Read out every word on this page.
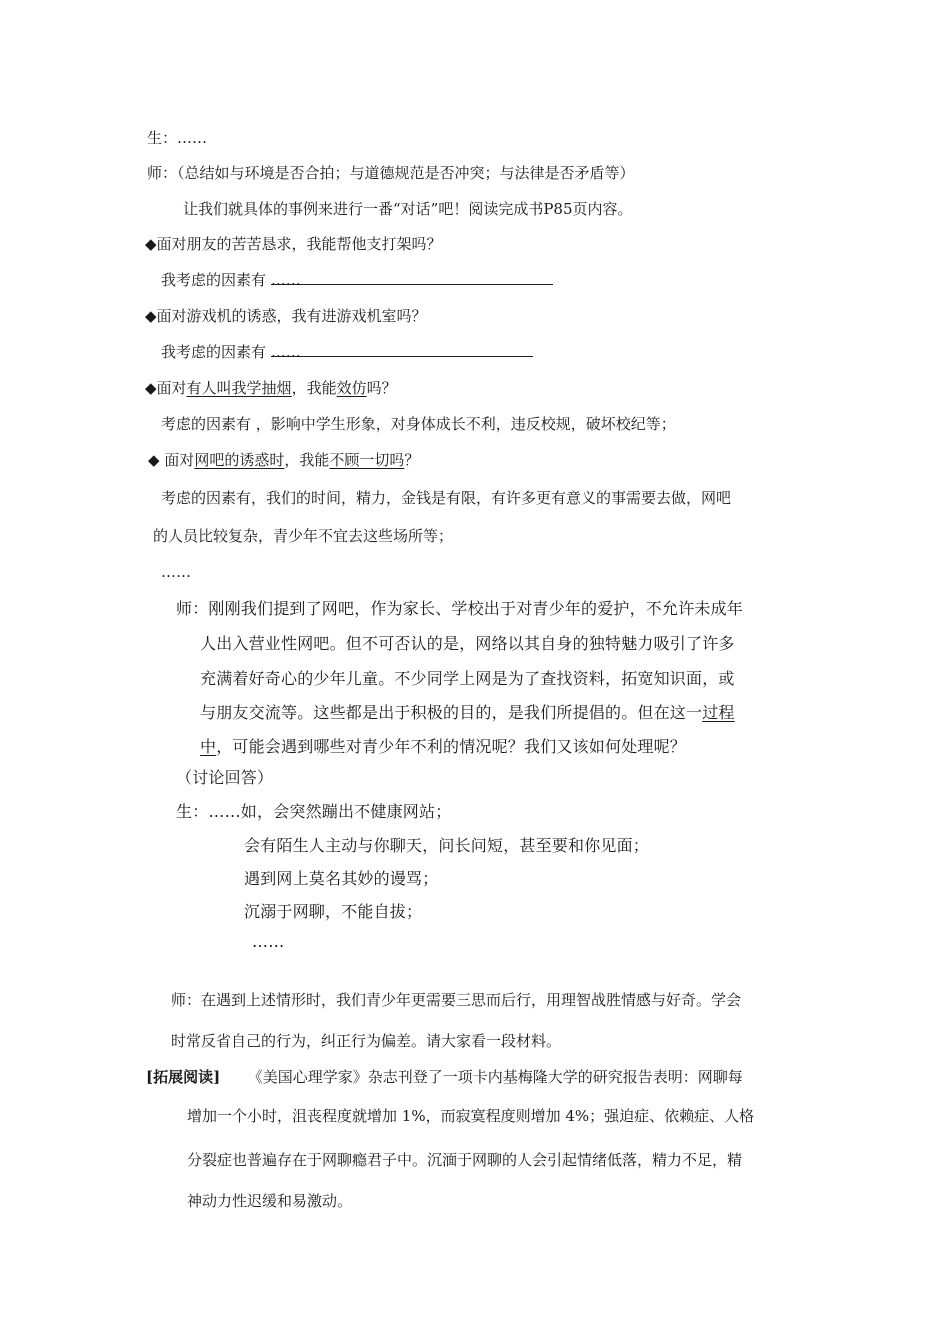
生：……
师：（总结如与环境是否合拍；与道德规范是否冲突；与法律是否矛盾等）
让我们就具体的事例来进行一番“对话”吧！阅读完成书P85页内容。
◆面对朋友的苦苦恳求，我能帮他支打架吗？
我考虑的因素有 ……
◆面对游戏机的诱惑，我有进游戏机室吗？
我考虑的因素有 ……
◆面对有人叫我学抽烟，我能效仿吗？
考虑的因素有 ，影响中学生形象，对身体成长不利，违反校规，破坏校纪等；
◆ 面对网吧的诱惑时，我能不顾一切吗？
考虑的因素有，我们的时间，精力，金钱是有限，有许多更有意义的事需要去做，网吧
的人员比较复杂，青少年不宜去这些场所等；
……
师：刚刚我们提到了网吧，作为家长、学校出于对青少年的爱护，不允许未成年
人出入营业性网吧。但不可否认的是，网络以其自身的独特魅力吸引了许多
充满着好奇心的少年儿童。不少同学上网是为了查找资料，拓宽知识面，或
与朋友交流等。这些都是出于积极的目的，是我们所提倡的。但在这一过程
中，可能会遇到哪些对青少年不利的情况呢？我们又该如何处理呢？
（讨论回答）
生：……如，会突然蹦出不健康网站；
会有陌生人主动与你聊天，问长问短，甚至要和你见面；
遇到网上莫名其妙的谩骂；
沉溺于网聊，不能自拔；
……
师：在遇到上述情形时，我们青少年更需要三思而后行，用理智战胜情感与好奇。学会
时常反省自己的行为，纠正行为偏差。请大家看一段材料。
[拓展阅读] 《美国心理学家》杂志刊登了一项卡内基梅隆大学的研究报告表明：网聊每
增加一个小时，沮丧程度就增加 1%，而寂寞程度则增加 4%；强迫症、依赖症、人格
分裂症也普遍存在于网聊瘾君子中。沉湎于网聊的人会引起情绪低落，精力不足，精
神动力性迟缓和易激动。
